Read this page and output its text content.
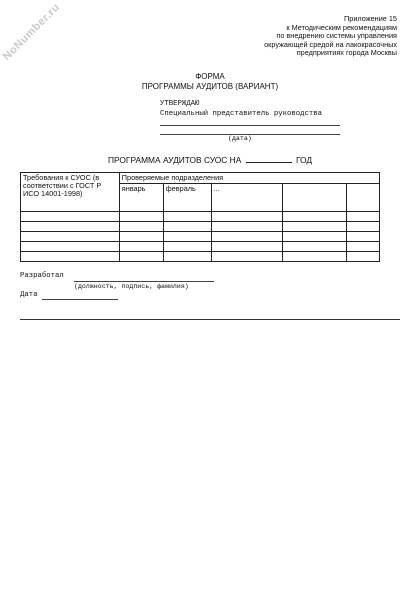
NoNumber.ru	Приложение 15
к Методическим рекомендациям
по внедрению системы управления
окружающей средой на лакокрасочных
предприятиях города Москвы
ФОРМА
ПРОГРАММЫ АУДИТОВ (ВАРИАНТ)
УТВЕРЖДАЮ
Специальный представитель руководства
(дата)
ПРОГРАММА АУДИТОВ СУОС НА	ГОД
Требования к СУОС (в соответствии с ГОСТ Р ИСО 14001-1998)	Проверяемые подразделения				
	январь	февраль	...		

Разработал
(должность, подпись, фамилия)
Дата
